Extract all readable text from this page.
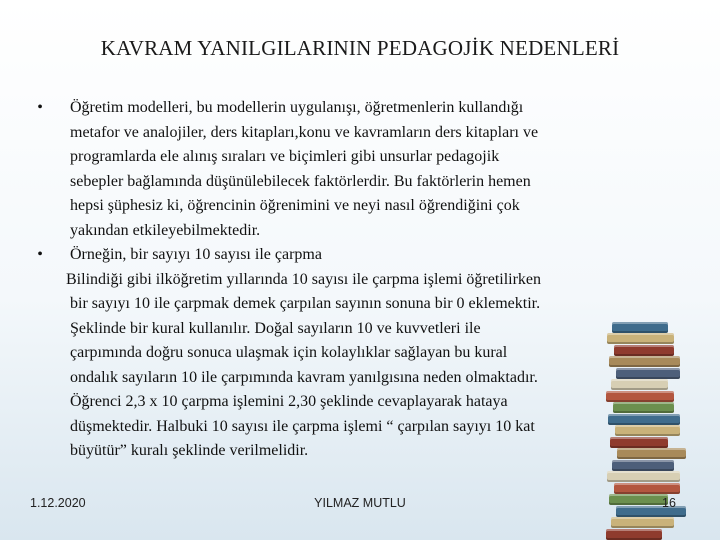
KAVRAM YANILGILARININ PEDAGOJİK NEDENLERİ
•	Öğretim modelleri, bu modellerin uygulanışı, öğretmenlerin kullandığı
metafor ve analojiler, ders kitapları,konu ve kavramların ders kitapları ve
programlarda ele alınış sıraları ve biçimleri gibi unsurlar pedagojik
sebepler bağlamında düşünülebilecek faktörlerdir. Bu faktörlerin hemen
hepsi şüphesiz ki, öğrencinin öğrenimini ve neyi nasıl öğrendiğini çok
yakından etkileyebilmektedir.
•	Örneğin, bir sayıyı 10 sayısı ile çarpma
Bilindiği gibi ilköğretim yıllarında 10 sayısı ile çarpma işlemi öğretilirken
bir sayıyı 10 ile çarpmak demek çarpılan sayının sonuna bir 0 eklemektir.
Şeklinde bir kural kullanılır. Doğal sayıların 10 ve kuvvetleri ile
çarpımında doğru sonuca ulaşmak için kolaylıklar sağlayan bu kural
ondalık sayıların 10 ile çarpımında kavram yanılgısına neden olmaktadır.
Öğrenci 2,3 x 10 çarpma işlemini 2,30 şeklinde cevaplayarak hataya
düşmektedir. Halbuki 10 sayısı ile çarpma işlemi “ çarpılan sayıyı 10 kat
büyütür” kuralı şeklinde verilmelidir.
1.12.2020	YILMAZ MUTLU	16
